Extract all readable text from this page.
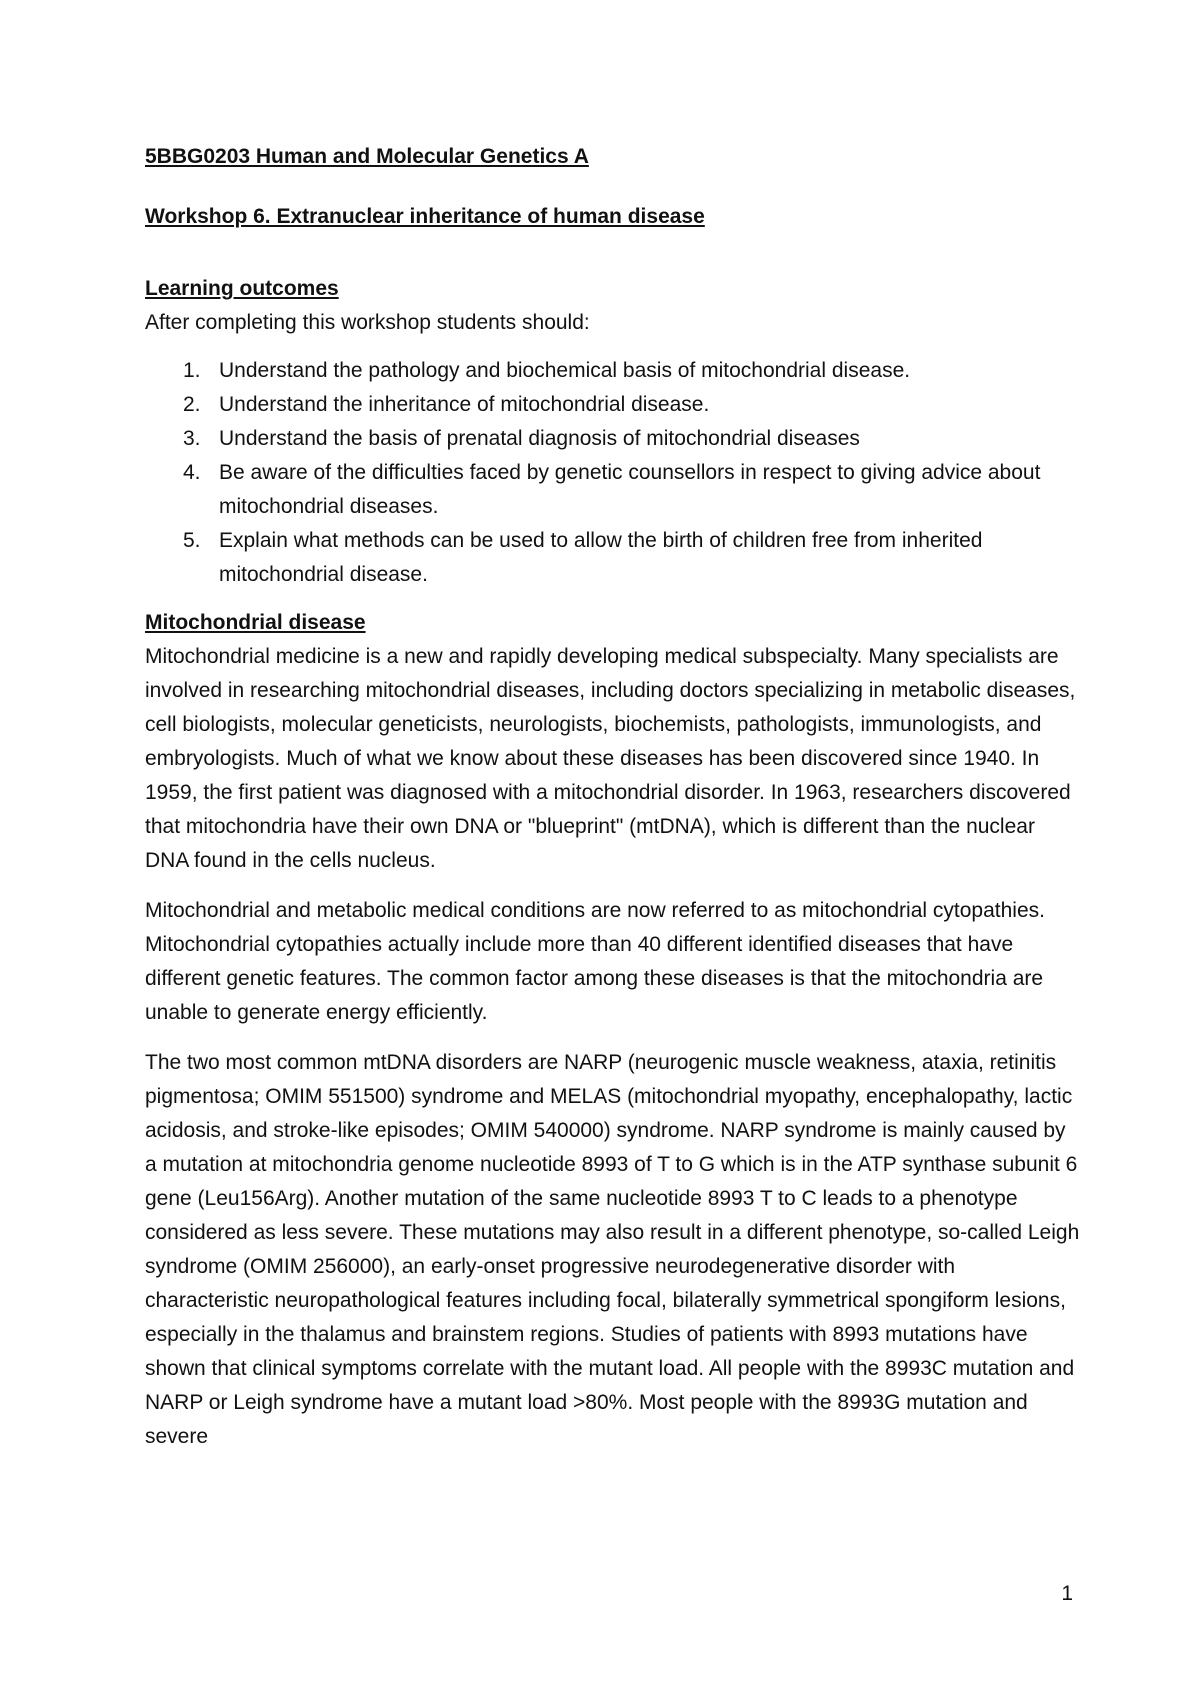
5BBG0203 Human and Molecular Genetics A

Workshop 6. Extranuclear inheritance of human disease

Learning outcomes

After completing this workshop students should:

1. Understand the pathology and biochemical basis of mitochondrial disease.
2. Understand the inheritance of mitochondrial disease.
3. Understand the basis of prenatal diagnosis of mitochondrial diseases
4. Be aware of the difficulties faced by genetic counsellors in respect to giving advice about mitochondrial diseases.
5. Explain what methods can be used to allow the birth of children free from inherited mitochondrial disease.

Mitochondrial disease

Mitochondrial medicine is a new and rapidly developing medical subspecialty. Many specialists are involved in researching mitochondrial diseases, including doctors specializing in metabolic diseases, cell biologists, molecular geneticists, neurologists, biochemists, pathologists, immunologists, and embryologists. Much of what we know about these diseases has been discovered since 1940. In 1959, the first patient was diagnosed with a mitochondrial disorder. In 1963, researchers discovered that mitochondria have their own DNA or "blueprint" (mtDNA), which is different than the nuclear DNA found in the cells nucleus.

Mitochondrial and metabolic medical conditions are now referred to as mitochondrial cytopathies. Mitochondrial cytopathies actually include more than 40 different identified diseases that have different genetic features. The common factor among these diseases is that the mitochondria are unable to generate energy efficiently.

The two most common mtDNA disorders are NARP (neurogenic muscle weakness, ataxia, retinitis pigmentosa; OMIM 551500) syndrome and MELAS (mitochondrial myopathy, encephalopathy, lactic acidosis, and stroke-like episodes; OMIM 540000) syndrome. NARP syndrome is mainly caused by a mutation at mitochondria genome nucleotide 8993 of T to G which is in the ATP synthase subunit 6 gene (Leu156Arg). Another mutation of the same nucleotide 8993 T to C leads to a phenotype considered as less severe. These mutations may also result in a different phenotype, so-called Leigh syndrome (OMIM 256000), an early-onset progressive neurodegenerative disorder with characteristic neuropathological features including focal, bilaterally symmetrical spongiform lesions, especially in the thalamus and brainstem regions. Studies of patients with 8993 mutations have shown that clinical symptoms correlate with the mutant load. All people with the 8993C mutation and NARP or Leigh syndrome have a mutant load >80%. Most people with the 8993G mutation and severe

1
